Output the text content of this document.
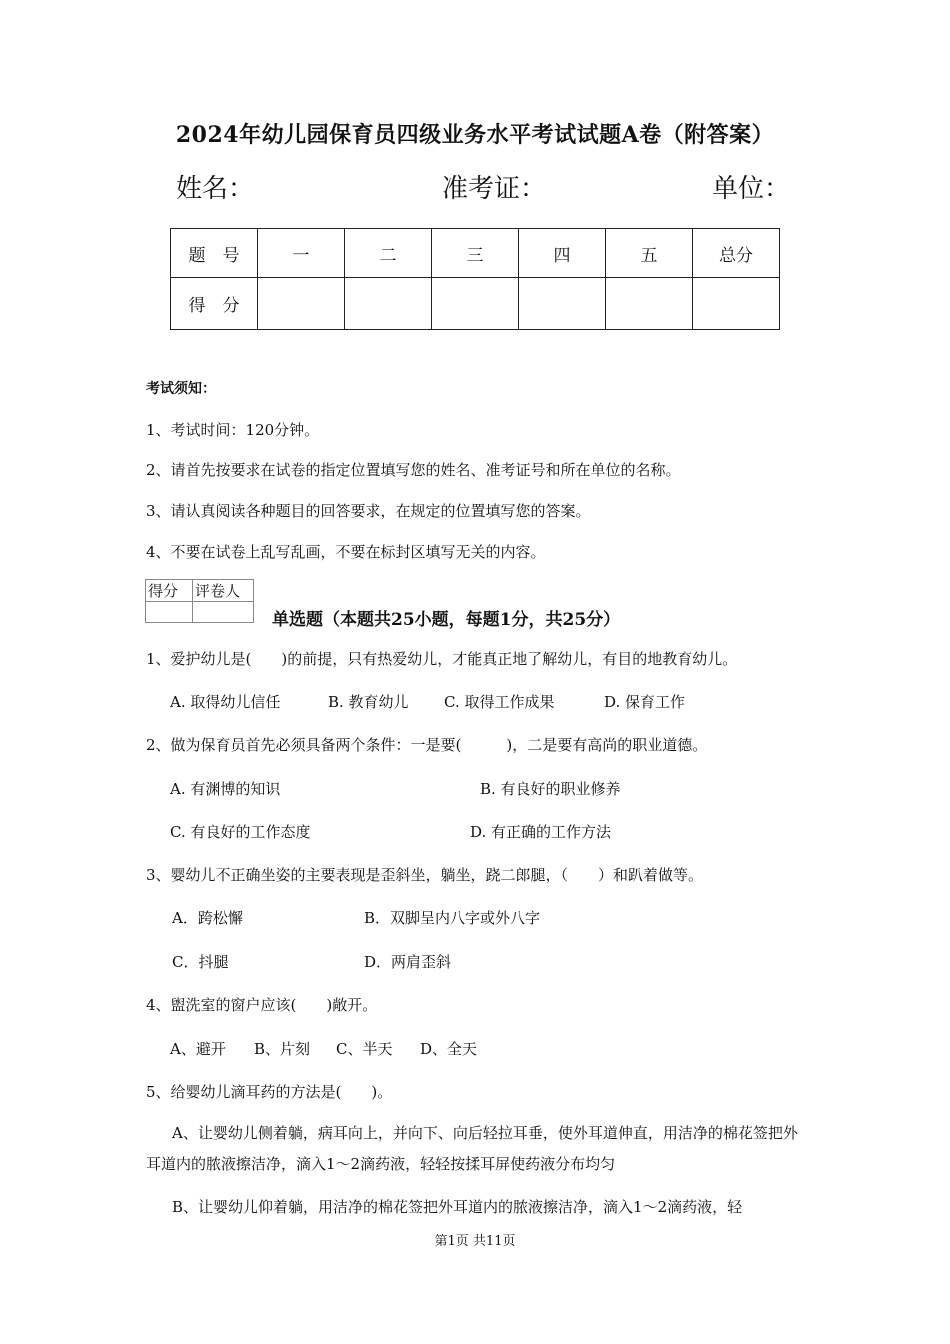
2024年幼儿园保育员四级业务水平考试试题A卷（附答案）
姓名：	准考证：	单位：
题　号	一	二	三	四	五	总分
得　分						
考试须知：
1、考试时间：120分钟。
2、请首先按要求在试卷的指定位置填写您的姓名、准考证号和所在单位的名称。
3、请认真阅读各种题目的回答要求，在规定的位置填写您的答案。
4、不要在试卷上乱写乱画，不要在标封区填写无关的内容。
得分	评卷人

单选题（本题共25小题，每题1分，共25分）
1、爱护幼儿是(　　)的前提，只有热爱幼儿，才能真正地了解幼儿，有目的地教育幼儿。
A. 取得幼儿信任	B. 教育幼儿 C. 取得工作成果	D. 保育工作
2、做为保育员首先必须具备两个条件：一是要(　　　)，二是要有高尚的职业道德。
A. 有渊博的知识	B. 有良好的职业修养
C. 有良好的工作态度	D. 有正确的工作方法
3、婴幼儿不正确坐姿的主要表现是歪斜坐，躺坐，跷二郎腿，（　　）和趴着做等。
A．跨松懈	B．双脚呈内八字或外八字
C．抖腿	D．两肩歪斜
4、盥洗室的窗户应该(　　)敞开。
A、避开 B、片刻 C、半天 D、全天
5、给婴幼儿滴耳药的方法是(　　)。
A、让婴幼儿侧着躺，病耳向上，并向下、向后轻拉耳垂，使外耳道伸直，用洁净的棉花签把外耳道内的脓液擦洁净，滴入1～2滴药液，轻轻按揉耳屏使药液分布均匀
B、让婴幼儿仰着躺，用洁净的棉花签把外耳道内的脓液擦洁净，滴入1～2滴药液，轻
第1页 共11页
